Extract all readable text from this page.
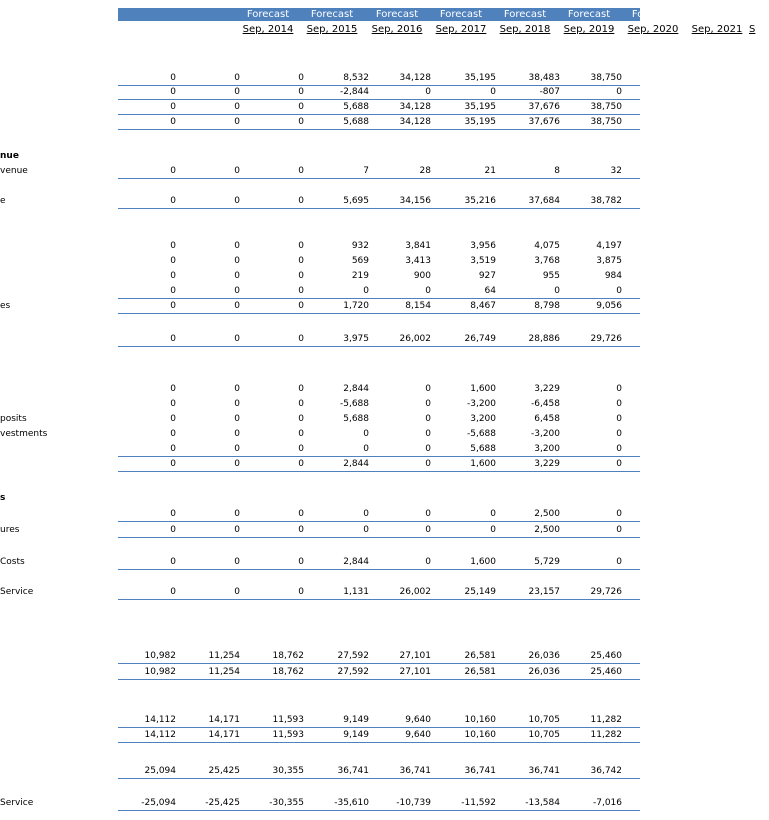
Forecast
Sep, 2014
Forecast
Sep, 2015
Forecast
Sep, 2016
Forecast
Sep, 2017
Forecast
Sep, 2018
Forecast
Sep, 2019
Forecast
Sep, 2020
Forecast
Sep, 2021
F
S
0	0	0	8,532	34,128	35,195	38,483	38,750
0	0	0	-2,844	0	0	-807	0
0	0	0	5,688	34,128	35,195	37,676	38,750
0	0	0	5,688	34,128	35,195	37,676	38,750
nue
venue	0	0	0	7	28	21	8	32
e	0	0	0	5,695	34,156	35,216	37,684	38,782
0	0	0	932	3,841	3,956	4,075	4,197
0	0	0	569	3,413	3,519	3,768	3,875
0	0	0	219	900	927	955	984
0	0	0	0	0	64	0	0
es	0	0	0	1,720	8,154	8,467	8,798	9,056
0	0	0	3,975	26,002	26,749	28,886	29,726
0	0	0	2,844	0	1,600	3,229	0
0	0	0	-5,688	0	-3,200	-6,458	0
posits	0	0	0	5,688	0	3,200	6,458	0
vestments	0	0	0	0	0	-5,688	-3,200	0
0	0	0	0	0	5,688	3,200	0
0	0	0	2,844	0	1,600	3,229	0
s
0	0	0	0	0	0	2,500	0
ures	0	0	0	0	0	0	2,500	0
Costs	0	0	0	2,844	0	1,600	5,729	0
Service	0	0	0	1,131	26,002	25,149	23,157	29,726
10,982	11,254	18,762	27,592	27,101	26,581	26,036	25,460
10,982	11,254	18,762	27,592	27,101	26,581	26,036	25,460
14,112	14,171	11,593	9,149	9,640	10,160	10,705	11,282
14,112	14,171	11,593	9,149	9,640	10,160	10,705	11,282
25,094	25,425	30,355	36,741	36,741	36,741	36,741	36,742
Service	-25,094	-25,425	-30,355	-35,610	-10,739	-11,592	-13,584	-7,016
